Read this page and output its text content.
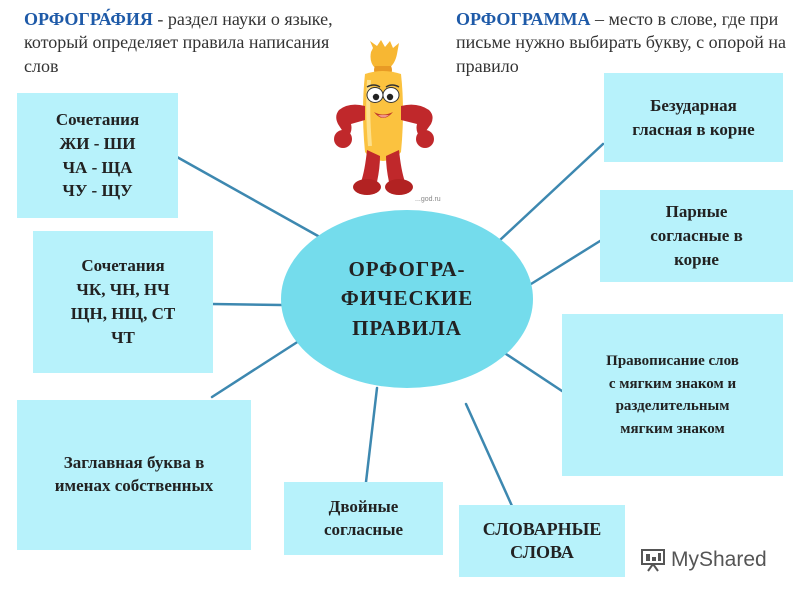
ОРФОГРА́ФИЯ - раздел науки о языке, который определяет правила написания слов
ОРФОГРАММА – место в слове, где при письме нужно выбирать букву, с опорой на правило
...god.ru
Сочетания
ЖИ - ШИ
ЧА - ЩА
ЧУ - ЩУ
Сочетания
ЧК, ЧН, НЧ
ЩН, НЩ, СТ
ЧТ
Заглавная буква в
именах собственных
Двойные
согласные	СЛОВАРНЫЕ
СЛОВА
Безударная
гласная в корне
Парные
согласные в
корне
Правописание слов
с мягким знаком и
разделительным
мягким знаком
ОРФОГРА-
ФИЧЕСКИЕ
ПРАВИЛА
MyShared
